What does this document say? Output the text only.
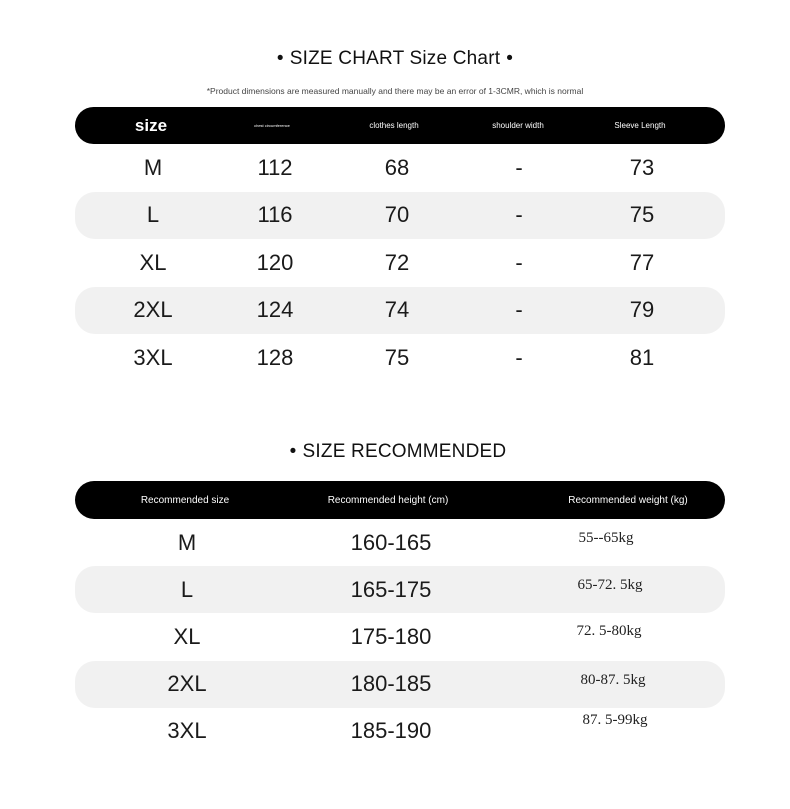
• SIZE CHART Size Chart •
*Product dimensions are measured manually and there may be an error of 1-3CMR, which is normal
size	chest circumference	clothes length	shoulder width	Sleeve Length
M	112	68	-	73
L	116	70	-	75
XL	120	72	-	77
2XL	124	74	-	79
3XL	128	75	-	81
• SIZE RECOMMENDED
Recommended size	Recommended height (cm)	Recommended weight (kg)
M	160-165	55--65kg
L	165-175	65-72. 5kg
XL	175-180	72. 5-80kg
2XL	180-185	80-87. 5kg
3XL	185-190	87. 5-99kg
